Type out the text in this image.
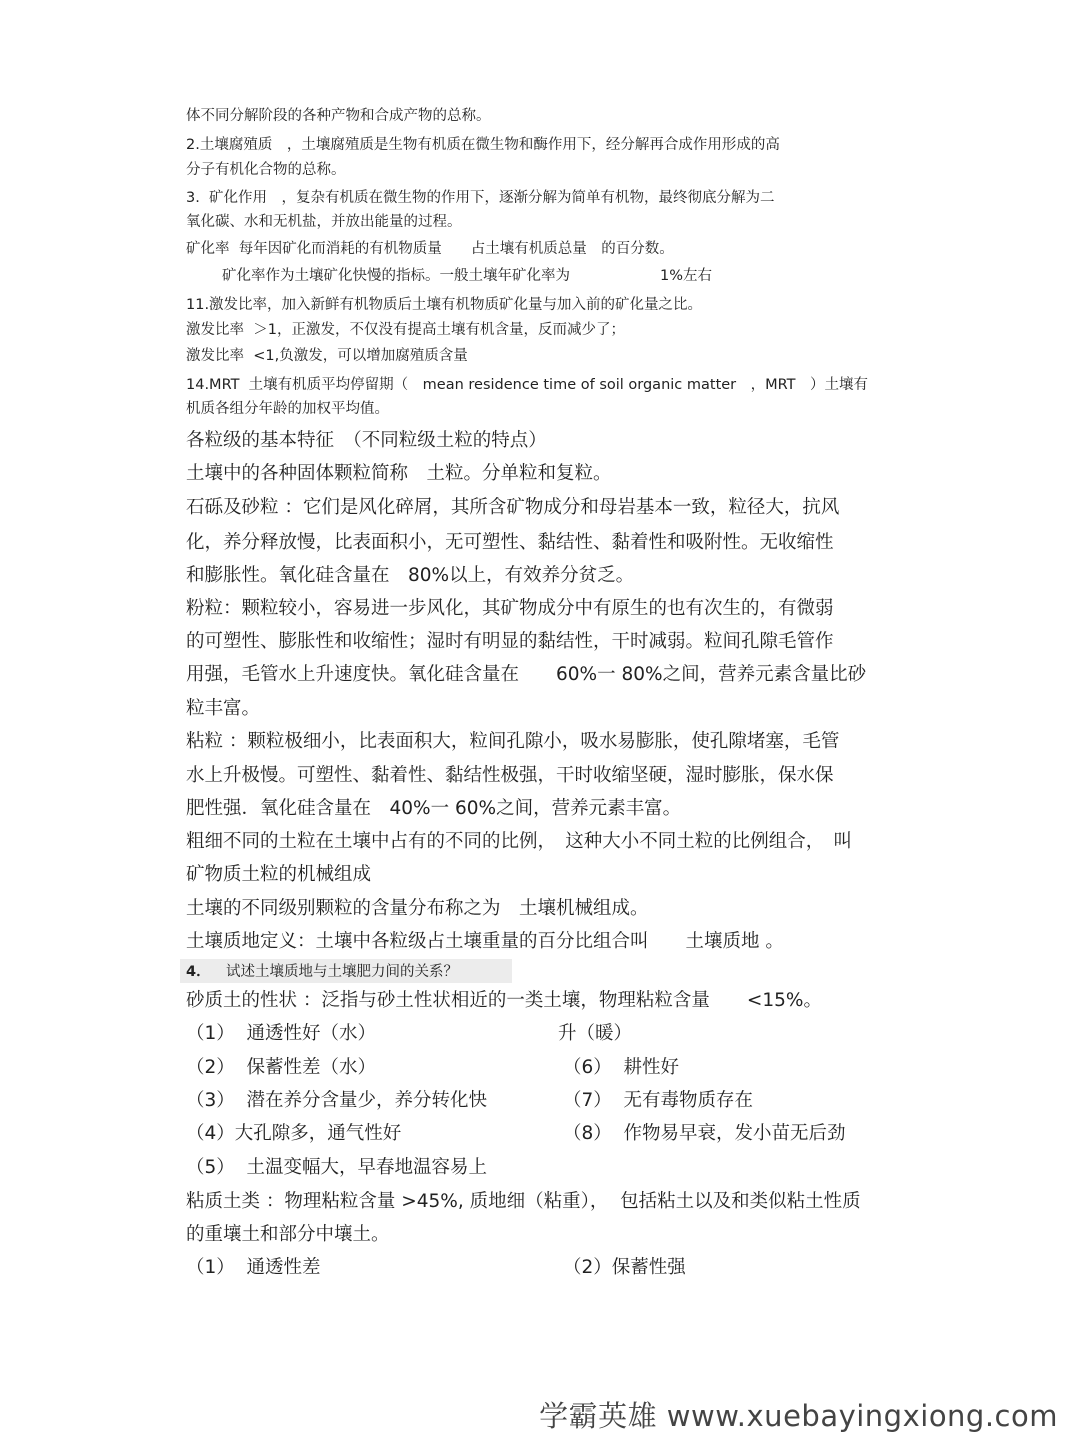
体不同分解阶段的各种产物和合成产物的总称。
2.土壤腐殖质　，土壤腐殖质是生物有机质在微生物和酶作用下，经分解再合成作用形成的高
分子有机化合物的总称。
3.  矿化作用　，复杂有机质在微生物的作用下，逐渐分解为简单有机物，最终彻底分解为二
氧化碳、水和无机盐，并放出能量的过程。
矿化率  每年因矿化而消耗的有机物质量　　占土壤有机质总量　的百分数。
矿化率作为土壤矿化快慢的指标。一般土壤年矿化率为	1%左右
11.激发比率，加入新鲜有机物质后土壤有机物质矿化量与加入前的矿化量之比。
激发比率  ＞1，正激发，不仅没有提高土壤有机含量，反而减少了；
激发比率  <1,负激发，可以增加腐殖质含量
14.MRT  土壤有机质平均停留期（　mean residence time of soil organic matter　，MRT　）土壤有
机质各组分年龄的加权平均值。
各粒级的基本特征　（不同粒级土粒的特点）
土壤中的各种固体颗粒简称　土粒。分单粒和复粒。
石砾及砂粒 ：它们是风化碎屑，其所含矿物成分和母岩基本一致，粒径大，抗风
化，养分释放慢，比表面积小，无可塑性、黏结性、黏着性和吸附性。无收缩性
和膨胀性。氧化硅含量在　80%以上，有效养分贫乏。
粉粒：颗粒较小，容易进一步风化，其矿物成分中有原生的也有次生的，有微弱
的可塑性、膨胀性和收缩性；湿时有明显的黏结性，干时减弱。粒间孔隙毛管作
用强，毛管水上升速度快。氧化硅含量在　　60%一 80%之间，营养元素含量比砂
粒丰富。
粘粒 ：颗粒极细小，比表面积大，粒间孔隙小，吸水易膨胀，使孔隙堵塞，毛管
水上升极慢。可塑性、黏着性、黏结性极强，干时收缩坚硬，湿时膨胀，保水保
肥性强．氧化硅含量在　40%一 60%之间，营养元素丰富。
粗细不同的土粒在土壤中占有的不同的比例，　这种大小不同土粒的比例组合，　叫
矿物质土粒的机械组成
土壤的不同级别颗粒的含量分布称之为　土壤机械组成。
土壤质地定义：土壤中各粒级占土壤重量的百分比组合叫　　土壤质地 。
4． 试述土壤质地与土壤肥力间的关系？
砂质土的性状 ：泛指与砂土性状相近的一类土壤，物理粘粒含量　　<15%。
（1）  通透性好（水）	升（暖）
（2）  保蓄性差（水）	（6）  耕性好
（3）  潜在养分含量少，养分转化快	（7）  无有毒物质存在
（4）大孔隙多，通气性好	（8）  作物易早衰，发小苗无后劲
（5）  土温变幅大，早春地温容易上
粘质土类 ：物理粘粒含量 >45%, 质地细（粘重），  包括粘土以及和类似粘土性质
的重壤土和部分中壤土。
（1）  通透性差	（2）保蓄性强
学霸英雄 www.xuebayingxiong.com
